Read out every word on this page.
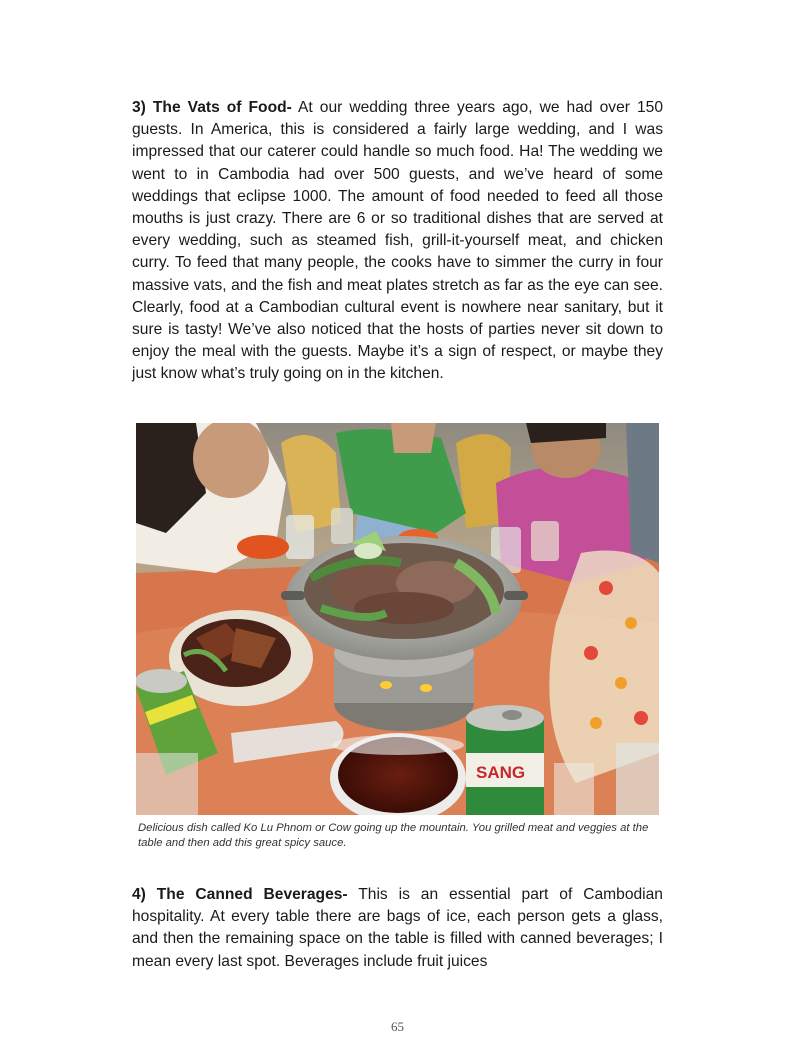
3) The Vats of Food- At our wedding three years ago, we had over 150 guests. In America, this is considered a fairly large wedding, and I was impressed that our caterer could handle so much food. Ha! The wedding we went to in Cambodia had over 500 guests, and we’ve heard of some weddings that eclipse 1000. The amount of food needed to feed all those mouths is just crazy. There are 6 or so traditional dishes that are served at every wedding, such as steamed fish, grill-it-yourself meat, and chicken curry. To feed that many people, the cooks have to simmer the curry in four massive vats, and the fish and meat plates stretch as far as the eye can see. Clearly, food at a Cambodian cultural event is nowhere near sanitary, but it sure is tasty! We’ve also noticed that the hosts of parties never sit down to enjoy the meal with the guests. Maybe it’s a sign of respect, or maybe they just know what’s truly going on in the kitchen.

SANG

Delicious dish called Ko Lu Phnom or Cow going up the mountain. You grilled meat and veggies at the table and then add this great spicy sauce.

4) The Canned Beverages- This is an essential part of Cambodian hospitality. At every table there are bags of ice, each person gets a glass, and then the remaining space on the table is filled with canned beverages; I mean every last spot. Beverages include fruit juices

65
